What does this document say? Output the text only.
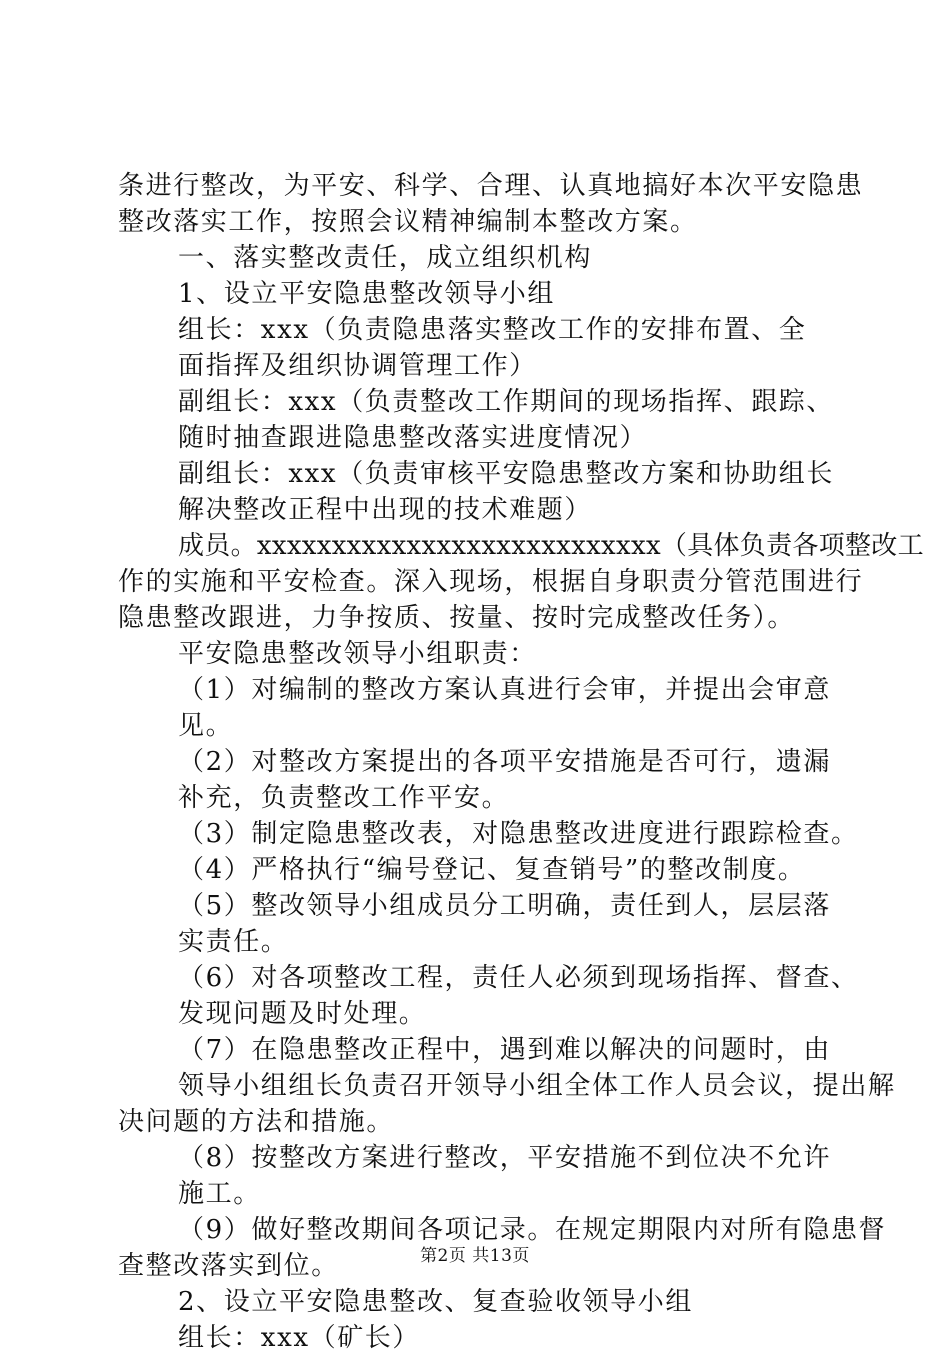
条进行整改，为平安、科学、合理、认真地搞好本次平安隐患
整改落实工作，按照会议精神编制本整改方案。
一、落实整改责任，成立组织机构
1、设立平安隐患整改领导小组
组长：xxx（负责隐患落实整改工作的安排布置、全
面指挥及组织协调管理工作）
副组长：xxx（负责整改工作期间的现场指挥、跟踪、
随时抽查跟进隐患整改落实进度情况）
副组长：xxx（负责审核平安隐患整改方案和协助组长
解决整改正程中出现的技术难题）
成员。xxxxxxxxxxxxxxxxxxxxxxxxxxx（具体负责各项整改工
作的实施和平安检查。深入现场，根据自身职责分管范围进行
隐患整改跟进，力争按质、按量、按时完成整改任务）。
平安隐患整改领导小组职责：
（1）对编制的整改方案认真进行会审，并提出会审意
见。
（2）对整改方案提出的各项平安措施是否可行，遗漏
补充，负责整改工作平安。
（3）制定隐患整改表，对隐患整改进度进行跟踪检查。
（4）严格执行“编号登记、复查销号”的整改制度。
（5）整改领导小组成员分工明确，责任到人，层层落
实责任。
（6）对各项整改工程，责任人必须到现场指挥、督查、
发现问题及时处理。
（7）在隐患整改正程中，遇到难以解决的问题时，由
领导小组组长负责召开领导小组全体工作人员会议，提出解
决问题的方法和措施。
（8）按整改方案进行整改，平安措施不到位决不允许
施工。
（9）做好整改期间各项记录。在规定期限内对所有隐患督
查整改落实到位。
2、设立平安隐患整改、复查验收领导小组
组长：xxx（矿长）
第2页 共13页
